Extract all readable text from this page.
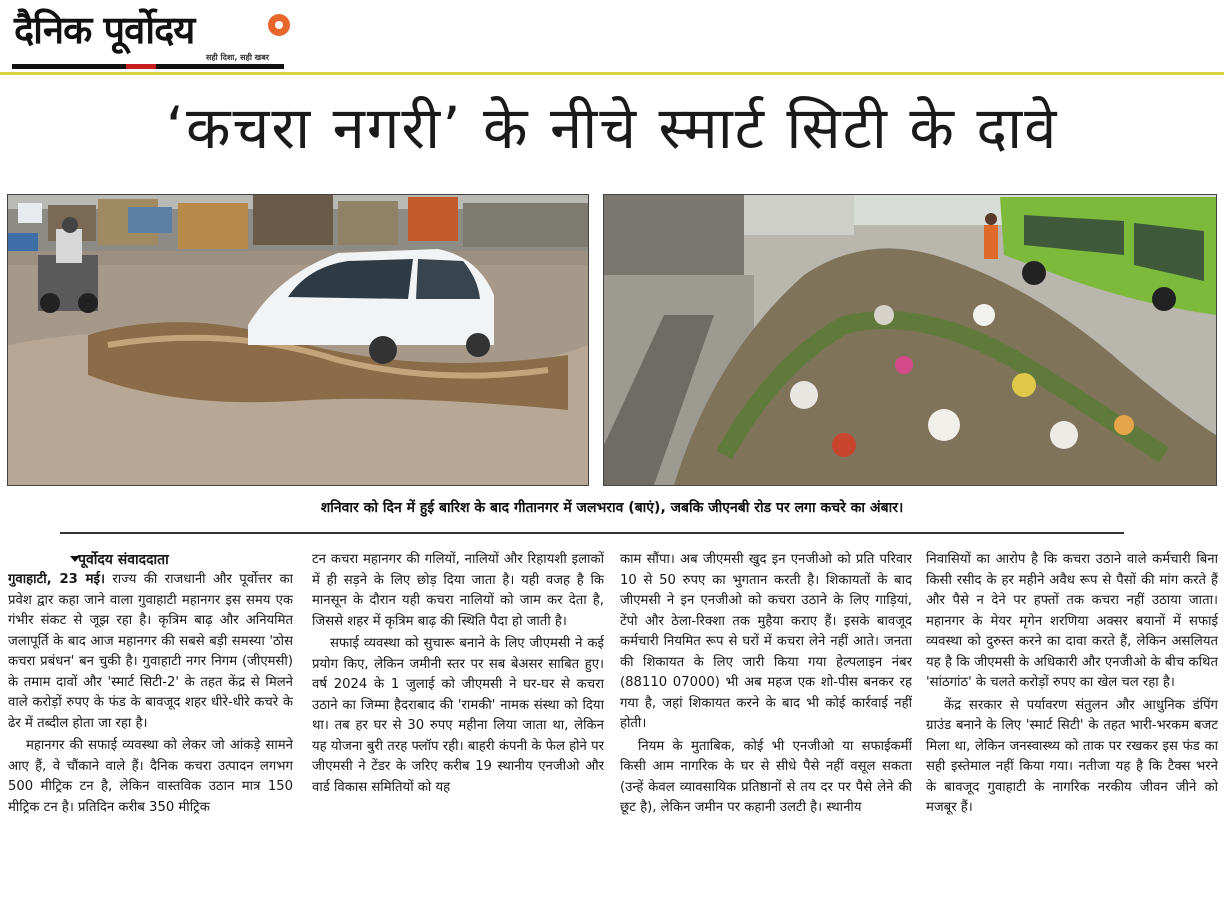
दैनिक पूर्वोदय
सही दिशा, सही खबर
‘कचरा नगरी’ के नीचे स्मार्ट सिटी के दावे
शनिवार को दिन में हुई बारिश के बाद गीतानगर में जलभराव (बाएं), जबकि जीएनबी रोड पर लगा कचरे का अंबार।
पूर्वोदय संवाददाता

गुवाहाटी, 23 मई। राज्य की राजधानी और पूर्वोत्तर का प्रवेश द्वार कहा जाने वाला गुवाहाटी महानगर इस समय एक गंभीर संकट से जूझ रहा है। कृत्रिम बाढ़ और अनियमित जलापूर्ति के बाद आज महानगर की सबसे बड़ी समस्या 'ठोस कचरा प्रबंधन' बन चुकी है। गुवाहाटी नगर निगम (जीएमसी) के तमाम दावों और 'स्मार्ट सिटी-2' के तहत केंद्र से मिलने वाले करोड़ों रुपए के फंड के बावजूद शहर धीरे-धीरे कचरे के ढेर में तब्दील होता जा रहा है।

महानगर की सफाई व्यवस्था को लेकर जो आंकड़े सामने आए हैं, वे चौंकाने वाले हैं। दैनिक कचरा उत्पादन लगभग 500 मीट्रिक टन है, लेकिन वास्तविक उठान मात्र 150 मीट्रिक टन है। प्रतिदिन करीब 350 मीट्रिक

टन कचरा महानगर की गलियों, नालियों और रिहायशी इलाकों में ही सड़ने के लिए छोड़ दिया जाता है। यही वजह है कि मानसून के दौरान यही कचरा नालियों को जाम कर देता है, जिससे शहर में कृत्रिम बाढ़ की स्थिति पैदा हो जाती है।

सफाई व्यवस्था को सुचारू बनाने के लिए जीएमसी ने कई प्रयोग किए, लेकिन जमीनी स्तर पर सब बेअसर साबित हुए। वर्ष 2024 के 1 जुलाई को जीएमसी ने घर-घर से कचरा उठाने का जिम्मा हैदराबाद की 'रामकी' नामक संस्था को दिया था। तब हर घर से 30 रुपए महीना लिया जाता था, लेकिन यह योजना बुरी तरह फ्लॉप रही। बाहरी कंपनी के फेल होने पर जीएमसी ने टेंडर के जरिए करीब 19 स्थानीय एनजीओ और वार्ड विकास समितियों को यह

काम सौंपा। अब जीएमसी खुद इन एनजीओ को प्रति परिवार 10 से 50 रुपए का भुगतान करती है। शिकायतों के बाद जीएमसी ने इन एनजीओ को कचरा उठाने के लिए गाड़ियां, टेंपो और ठेला-रिक्शा तक मुहैया कराए हैं। इसके बावजूद कर्मचारी नियमित रूप से घरों में कचरा लेने नहीं आते। जनता की शिकायत के लिए जारी किया गया हेल्पलाइन नंबर (88110 07000) भी अब महज एक शो-पीस बनकर रह गया है, जहां शिकायत करने के बाद भी कोई कार्रवाई नहीं होती।

नियम के मुताबिक, कोई भी एनजीओ या सफाईकर्मी किसी आम नागरिक के घर से सीधे पैसे नहीं वसूल सकता (उन्हें केवल व्यावसायिक प्रतिष्ठानों से तय दर पर पैसे लेने की छूट है), लेकिन जमीन पर कहानी उलटी है। स्थानीय

निवासियों का आरोप है कि कचरा उठाने वाले कर्मचारी बिना किसी रसीद के हर महीने अवैध रूप से पैसों की मांग करते हैं और पैसे न देने पर हफ्तों तक कचरा नहीं उठाया जाता। महानगर के मेयर मृगेन शरणिया अक्सर बयानों में सफाई व्यवस्था को दुरुस्त करने का दावा करते हैं, लेकिन असलियत यह है कि जीएमसी के अधिकारी और एनजीओ के बीच कथित 'सांठगांठ' के चलते करोड़ों रुपए का खेल चल रहा है।

केंद्र सरकार से पर्यावरण संतुलन और आधुनिक डंपिंग ग्राउंड बनाने के लिए 'स्मार्ट सिटी' के तहत भारी-भरकम बजट मिला था, लेकिन जनस्वास्थ्य को ताक पर रखकर इस फंड का सही इस्तेमाल नहीं किया गया। नतीजा यह है कि टैक्स भरने के बावजूद गुवाहाटी के नागरिक नरकीय जीवन जीने को मजबूर हैं।
